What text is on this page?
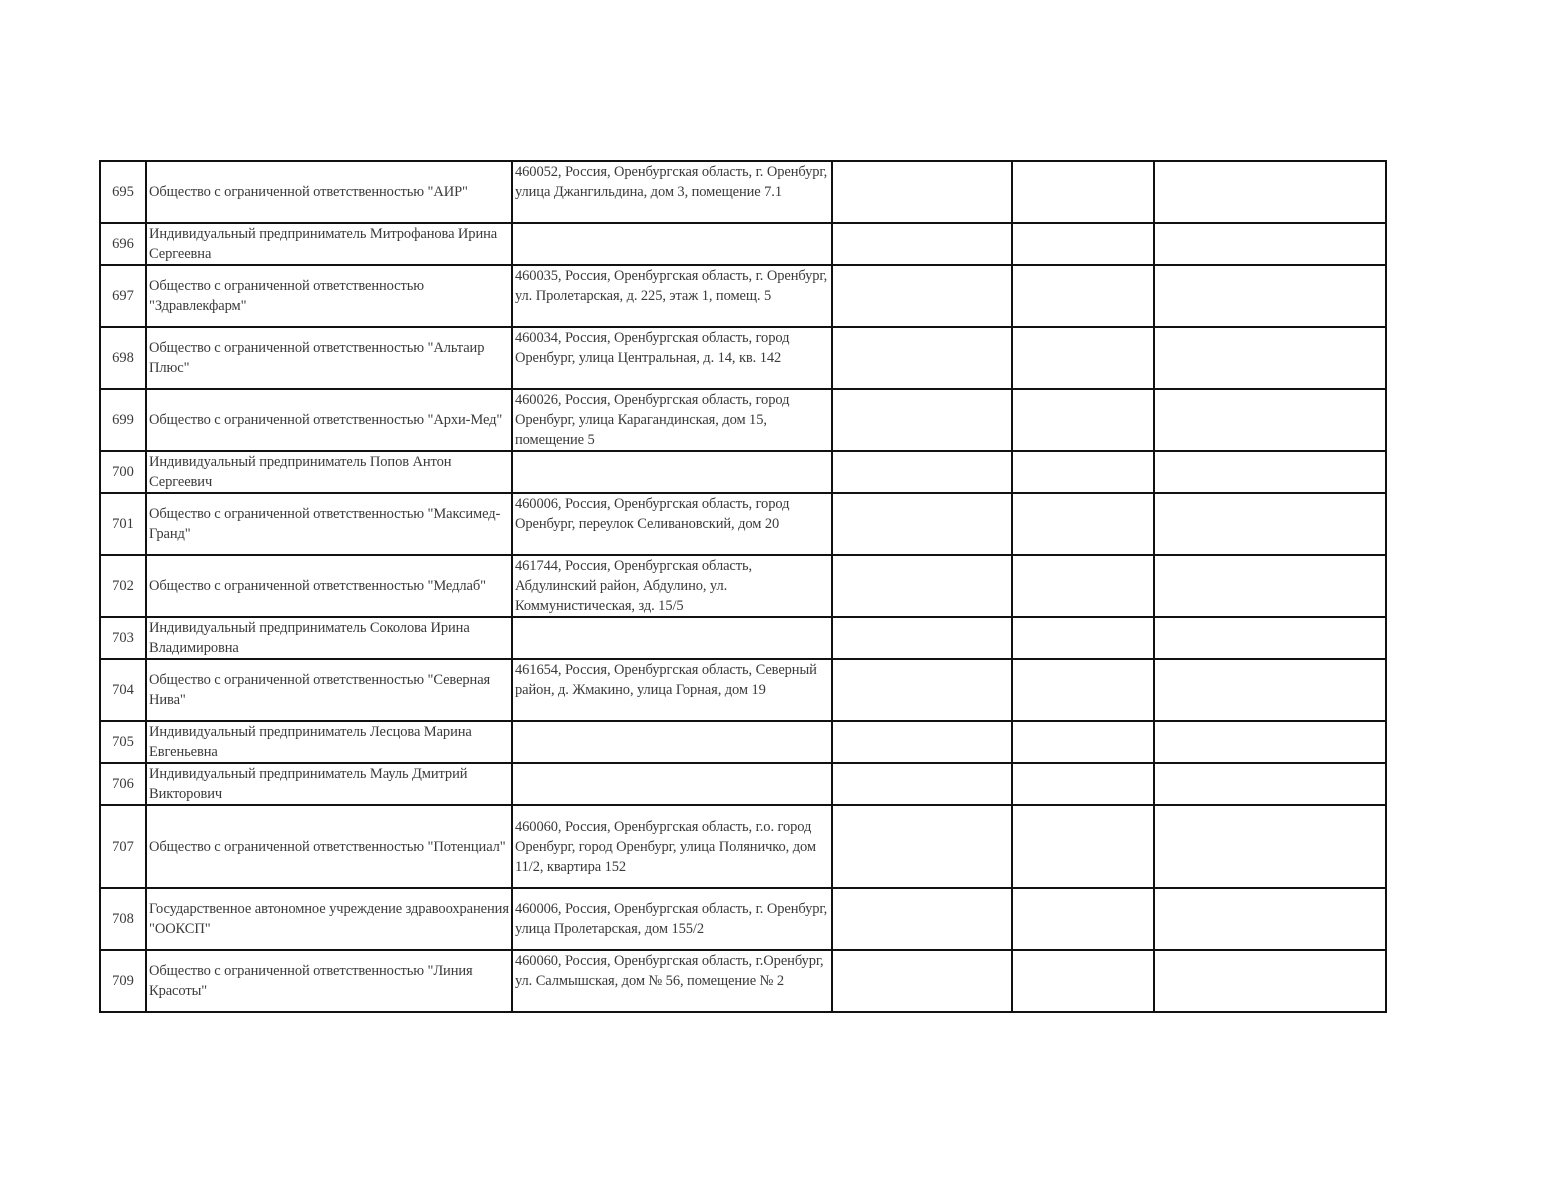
695	Общество с ограниченной ответственностью "АИР"	460052, Россия, Оренбургская область, г. Оренбург, улица Джангильдина, дом 3, помещение 7.1			
696	Индивидуальный предприниматель Митрофанова Ирина Сергеевна				
697	Общество с ограниченной ответственностью "Здравлекфарм"	460035, Россия, Оренбургская область, г. Оренбург, ул. Пролетарская, д. 225, этаж 1, помещ. 5			
698	Общество с ограниченной ответственностью "Альтаир Плюс"	460034, Россия, Оренбургская область, город Оренбург, улица Центральная, д. 14, кв. 142			
699	Общество с ограниченной ответственностью "Архи-Мед"	460026, Россия, Оренбургская область, город Оренбург, улица Карагандинская, дом 15, помещение 5			
700	Индивидуальный предприниматель Попов Антон Сергеевич				
701	Общество с ограниченной ответственностью "Максимед-Гранд"	460006, Россия, Оренбургская область, город Оренбург, переулок Селивановский, дом 20			
702	Общество с ограниченной ответственностью "Медлаб"	461744, Россия, Оренбургская область, Абдулинский район, Абдулино, ул. Коммунистическая, зд. 15/5			
703	Индивидуальный предприниматель Соколова Ирина Владимировна				
704	Общество с ограниченной ответственностью "Северная Нива"	461654, Россия, Оренбургская область, Северный район, д. Жмакино, улица Горная, дом 19			
705	Индивидуальный предприниматель Лесцова Марина Евгеньевна				
706	Индивидуальный предприниматель Мауль Дмитрий Викторович				
707	Общество с ограниченной ответственностью "Потенциал"	460060, Россия, Оренбургская область, г.о. город Оренбург, город Оренбург, улица Поляничко, дом 11/2, квартира 152			
708	Государственное автономное учреждение здравоохранения "ООКСП"	460006, Россия, Оренбургская область, г. Оренбург, улица Пролетарская, дом 155/2			
709	Общество с ограниченной ответственностью "Линия Красоты"	460060, Россия, Оренбургская область, г.Оренбург, ул. Салмышская, дом № 56, помещение № 2			
